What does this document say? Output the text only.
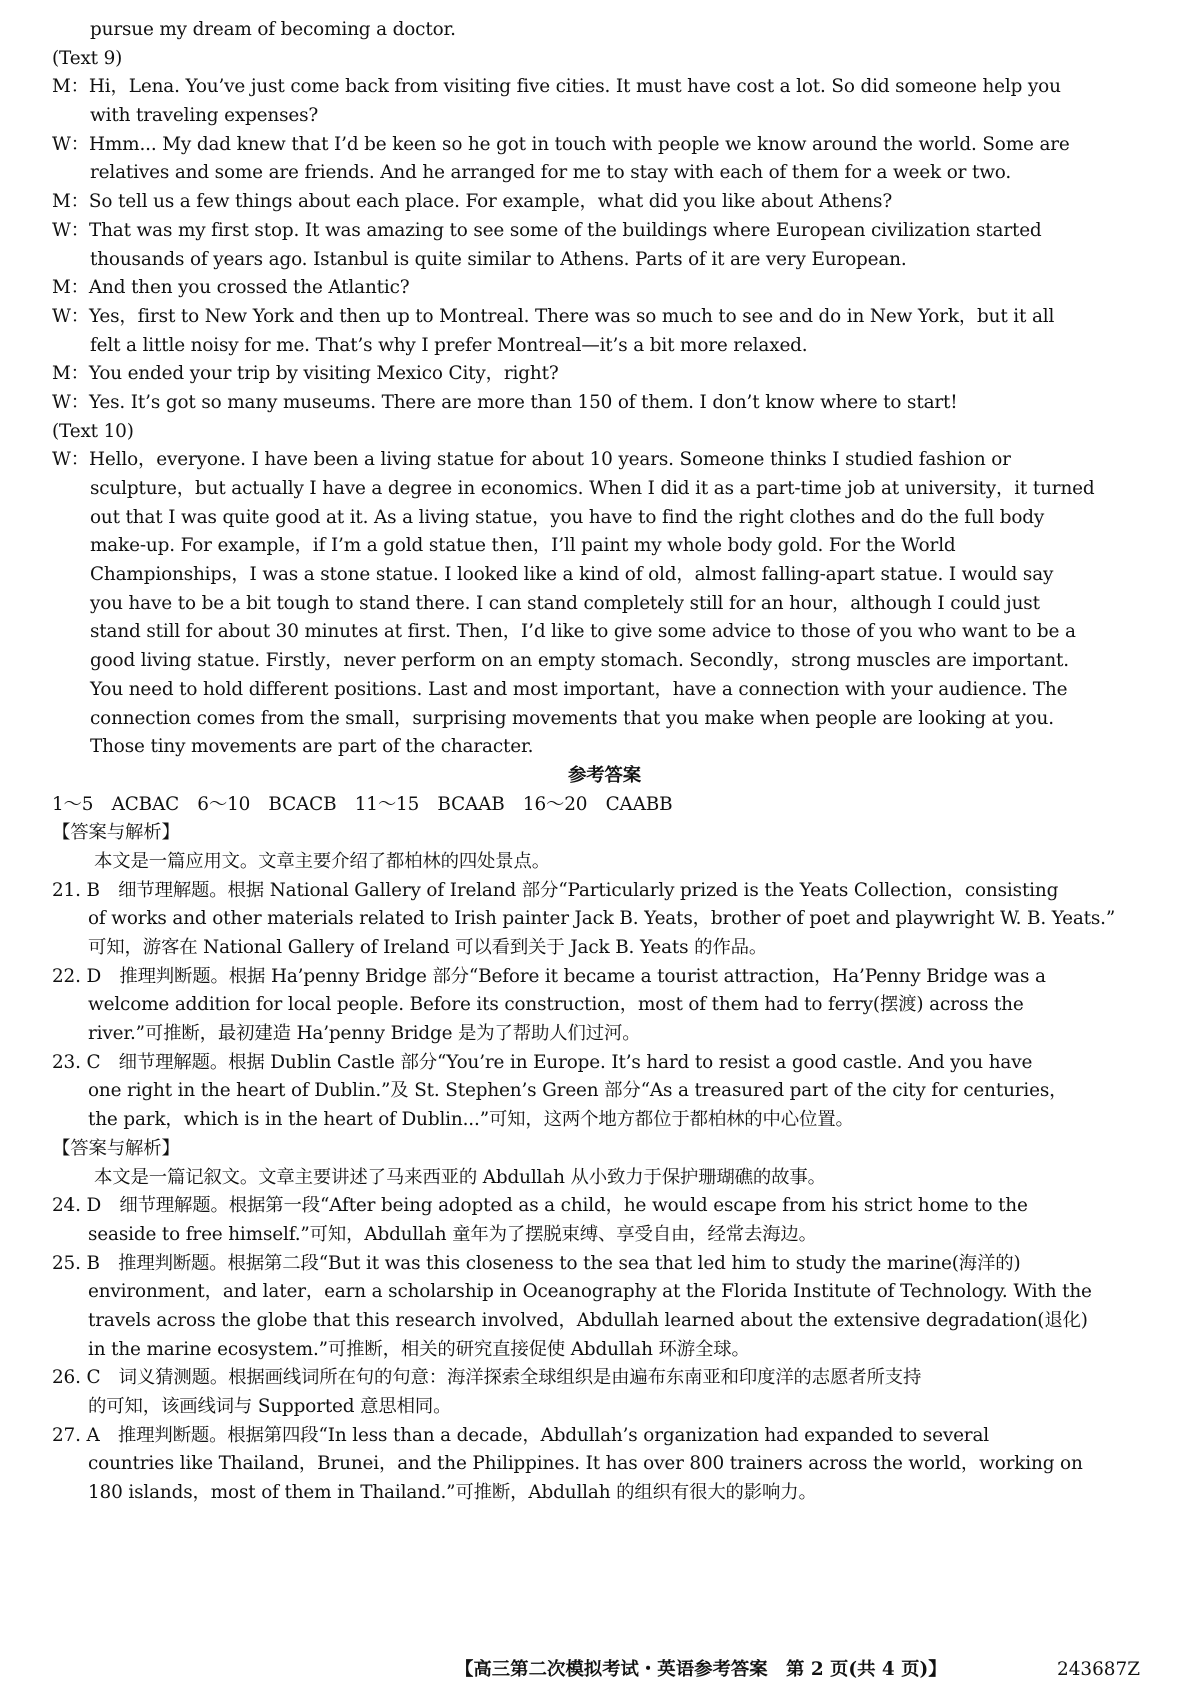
pursue my dream of becoming a doctor.
(Text 9)
M：Hi，Lena. You’ve just come back from visiting five cities. It must have cost a lot. So did someone help you
with traveling expenses?
W：Hmm... My dad knew that I’d be keen so he got in touch with people we know around the world. Some are
relatives and some are friends. And he arranged for me to stay with each of them for a week or two.
M：So tell us a few things about each place. For example，what did you like about Athens?
W：That was my first stop. It was amazing to see some of the buildings where European civilization started
thousands of years ago. Istanbul is quite similar to Athens. Parts of it are very European.
M：And then you crossed the Atlantic?
W：Yes，first to New York and then up to Montreal. There was so much to see and do in New York，but it all
felt a little noisy for me. That’s why I prefer Montreal—it’s a bit more relaxed.
M：You ended your trip by visiting Mexico City，right?
W：Yes. It’s got so many museums. There are more than 150 of them. I don’t know where to start!
(Text 10)
W：Hello，everyone. I have been a living statue for about 10 years. Someone thinks I studied fashion or
sculpture，but actually I have a degree in economics. When I did it as a part-time job at university，it turned
out that I was quite good at it. As a living statue，you have to find the right clothes and do the full body
make-up. For example，if I’m a gold statue then，I’ll paint my whole body gold. For the World
Championships，I was a stone statue. I looked like a kind of old，almost falling-apart statue. I would say
you have to be a bit tough to stand there. I can stand completely still for an hour，although I could just
stand still for about 30 minutes at first. Then，I’d like to give some advice to those of you who want to be a
good living statue. Firstly，never perform on an empty stomach. Secondly，strong muscles are important.
You need to hold different positions. Last and most important，have a connection with your audience. The
connection comes from the small，surprising movements that you make when people are looking at you.
Those tiny movements are part of the character.
参考答案
1～5　ACBAC　6～10　BCACB　11～15　BCAAB　16～20　CAABB
【答案与解析】
本文是一篇应用文。文章主要介绍了都柏林的四处景点。
21. B　细节理解题。根据 National Gallery of Ireland 部分“Particularly prized is the Yeats Collection，consisting
of works and other materials related to Irish painter Jack B. Yeats，brother of poet and playwright W. B. Yeats.”
可知，游客在 National Gallery of Ireland 可以看到关于 Jack B. Yeats 的作品。
22. D　推理判断题。根据 Ha’penny Bridge 部分“Before it became a tourist attraction，Ha’Penny Bridge was a
welcome addition for local people. Before its construction，most of them had to ferry(摆渡) across the
river.”可推断，最初建造 Ha’penny Bridge 是为了帮助人们过河。
23. C　细节理解题。根据 Dublin Castle 部分“You’re in Europe. It’s hard to resist a good castle. And you have
one right in the heart of Dublin.”及 St. Stephen’s Green 部分“As a treasured part of the city for centuries，
the park，which is in the heart of Dublin...”可知，这两个地方都位于都柏林的中心位置。
【答案与解析】
本文是一篇记叙文。文章主要讲述了马来西亚的 Abdullah 从小致力于保护珊瑚礁的故事。
24. D　细节理解题。根据第一段“After being adopted as a child，he would escape from his strict home to the
seaside to free himself.”可知，Abdullah 童年为了摆脱束缚、享受自由，经常去海边。
25. B　推理判断题。根据第二段“But it was this closeness to the sea that led him to study the marine(海洋的)
environment，and later，earn a scholarship in Oceanography at the Florida Institute of Technology. With the
travels across the globe that this research involved，Abdullah learned about the extensive degradation(退化)
in the marine ecosystem.”可推断，相关的研究直接促使 Abdullah 环游全球。
26. C　词义猜测题。根据画线词所在句的句意：海洋探索全球组织是由遍布东南亚和印度洋的志愿者所支持
的可知，该画线词与 Supported 意思相同。
27. A　推理判断题。根据第四段“In less than a decade，Abdullah’s organization had expanded to several
countries like Thailand，Brunei，and the Philippines. It has over 800 trainers across the world，working on
180 islands，most of them in Thailand.”可推断，Abdullah 的组织有很大的影响力。
【高三第二次模拟考试・英语参考答案　第 2 页(共 4 页)】	243687Z
